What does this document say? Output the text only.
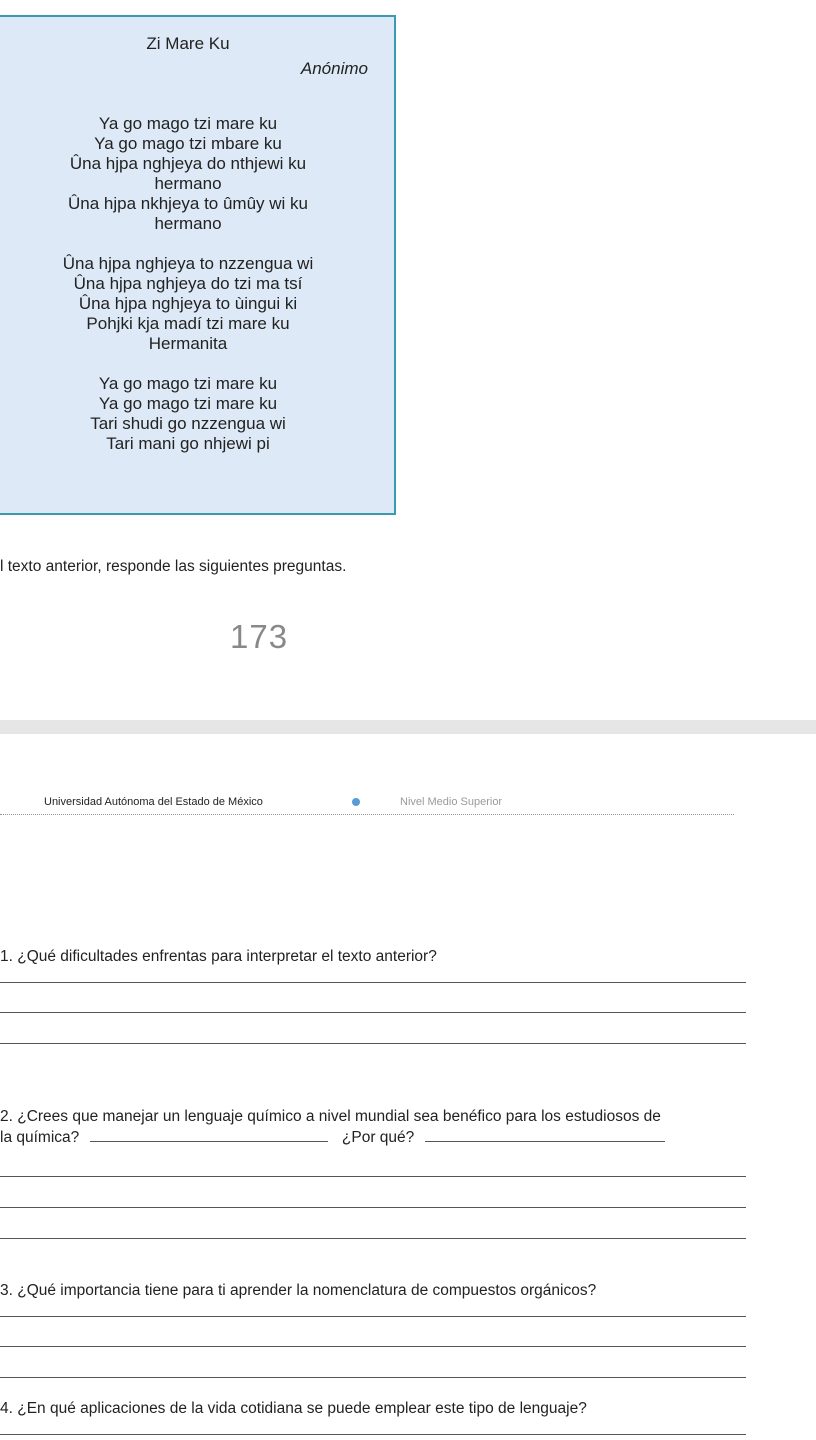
Zi Mare Ku
Anónimo
Ya go mago tzi mare ku
Ya go mago tzi mbare ku
Ûna hjpa nghjeya do nthjewi ku
hermano
Ûna hjpa nkhjeya to ûmûy wi ku
hermano
Ûna hjpa nghjeya to nzzengua wi
Ûna hjpa nghjeya do tzi ma tsí
Ûna hjpa nghjeya to ùingui ki
Pohjki kja madí tzi mare ku
Hermanita
Ya go mago tzi mare ku
Ya go mago tzi mare ku
Tari shudi go nzzengua wi
Tari mani go nhjewi pi
l texto anterior, responde las siguientes preguntas.
173
Universidad Autónoma del Estado de México	Nivel Medio Superior
1. ¿Qué dificultades enfrentas para interpretar el texto anterior?
2. ¿Crees que manejar un lenguaje químico a nivel mundial sea benéfico para los estudiosos de
la química?	¿Por qué?
3. ¿Qué importancia tiene para ti aprender la nomenclatura de compuestos orgánicos?
4. ¿En qué aplicaciones de la vida cotidiana se puede emplear este tipo de lenguaje?
